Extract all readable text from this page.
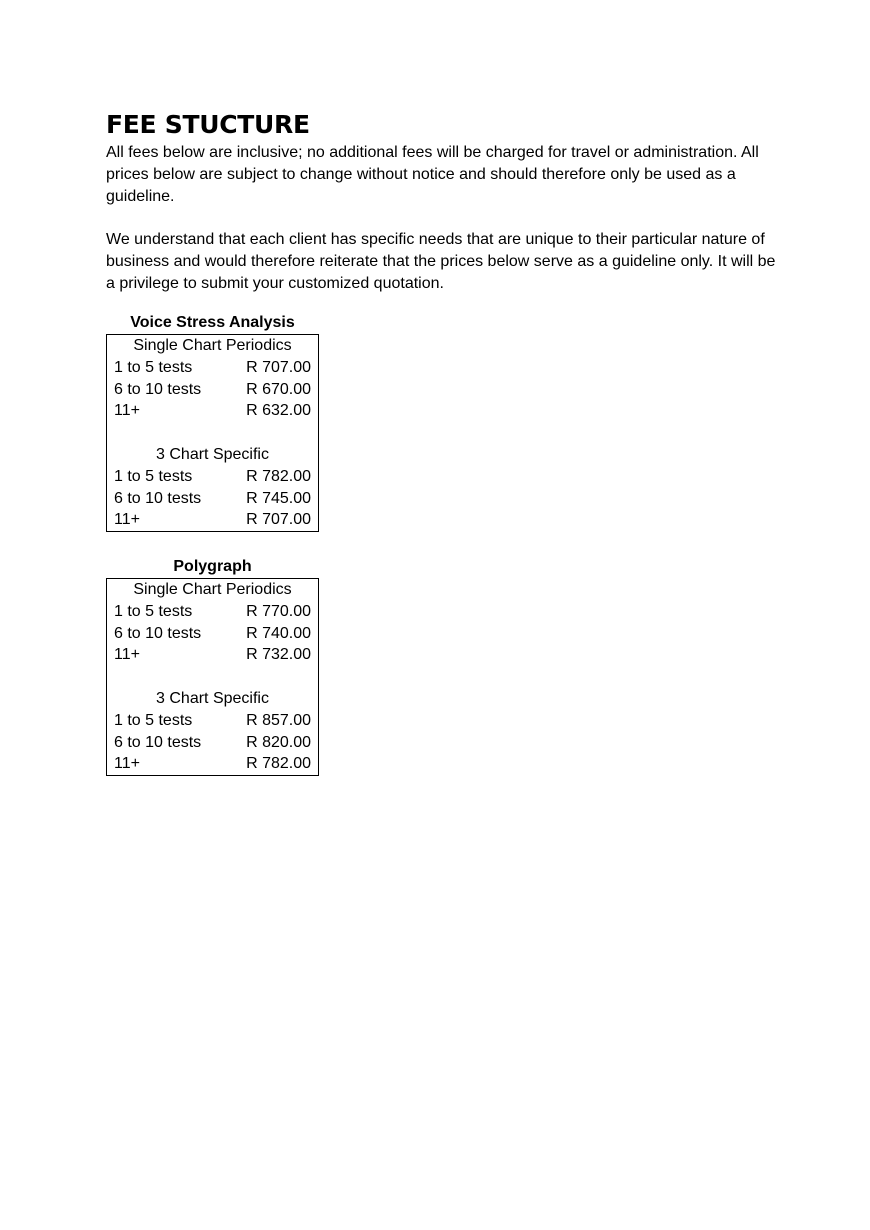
FEE STUCTURE

All fees below are inclusive; no additional fees will be charged for travel or administration. All prices below are subject to change without notice and should therefore only be used as a guideline.

We understand that each client has specific needs that are unique to their particular nature of business and would therefore reiterate that the prices below serve as a guideline only. It will be a privilege to submit your customized quotation.

Voice Stress Analysis
Single Chart Periodics
1 to 5 tests	R 707.00
6 to 10 tests	R 670.00
11+	R 632.00
3 Chart Specific
1 to 5 tests	R 782.00
6 to 10 tests	R 745.00
11+	R 707.00
Polygraph
Single Chart Periodics
1 to 5 tests	R 770.00
6 to 10 tests	R 740.00
11+	R 732.00
3 Chart Specific
1 to 5 tests	R 857.00
6 to 10 tests	R 820.00
11+	R 782.00
